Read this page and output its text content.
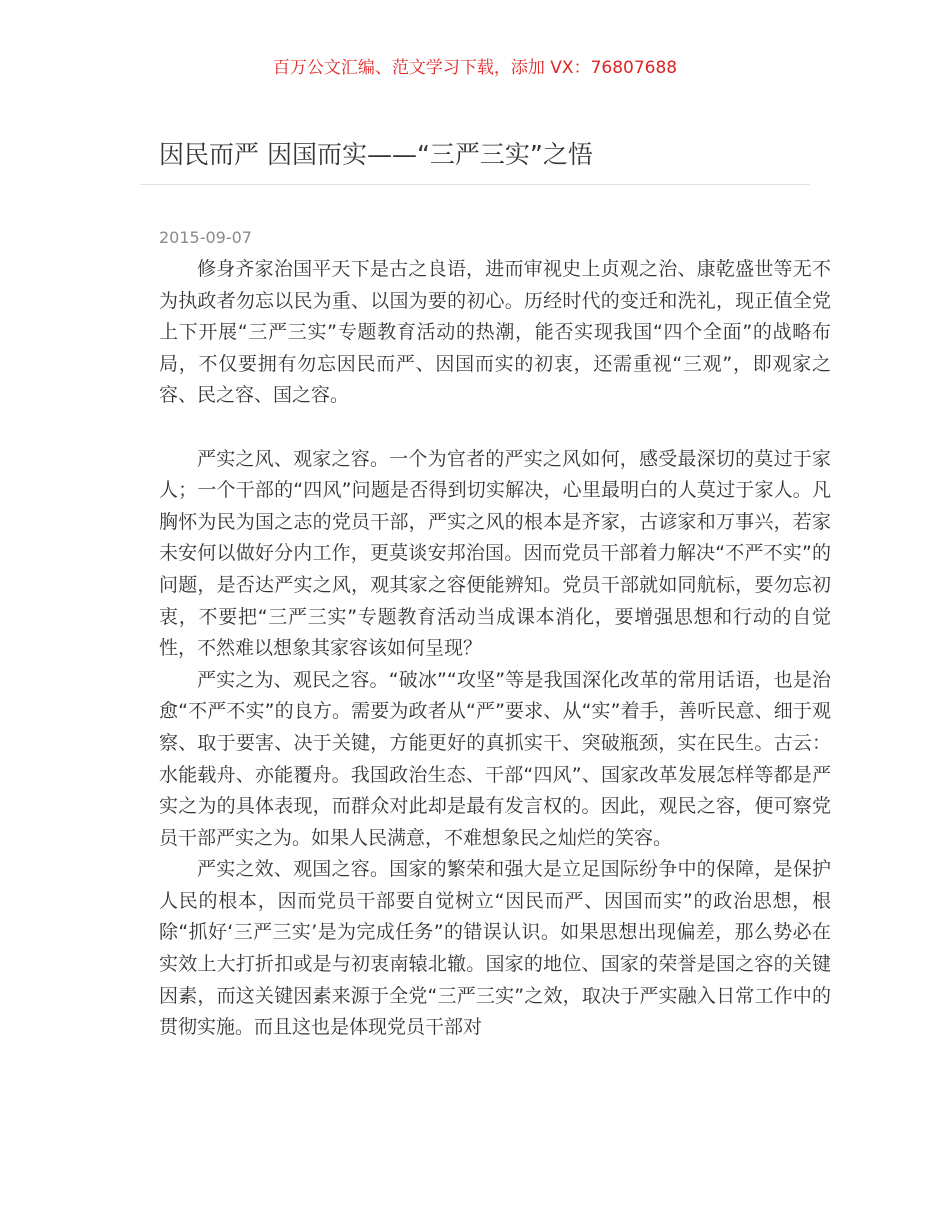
百万公文汇编、范文学习下载，添加 VX：76807688
因民而严 因国而实——“三严三实”之悟
2015-09-07

修身齐家治国平天下是古之良语，进而审视史上贞观之治、康乾盛世等无不为执政者勿忘以民为重、以国为要的初心。历经时代的变迁和洗礼，现正值全党上下开展“三严三实”专题教育活动的热潮，能否实现我国“四个全面”的战略布局，不仅要拥有勿忘因民而严、因国而实的初衷，还需重视“三观”，即观家之容、民之容、国之容。

严实之风、观家之容。一个为官者的严实之风如何，感受最深切的莫过于家人；一个干部的“四风”问题是否得到切实解决，心里最明白的人莫过于家人。凡胸怀为民为国之志的党员干部，严实之风的根本是齐家，古谚家和万事兴，若家未安何以做好分内工作，更莫谈安邦治国。因而党员干部着力解决“不严不实”的问题，是否达严实之风，观其家之容便能辨知。党员干部就如同航标，要勿忘初衷，不要把“三严三实”专题教育活动当成课本消化，要增强思想和行动的自觉性，不然难以想象其家容该如何呈现？

严实之为、观民之容。“破冰”“攻坚”等是我国深化改革的常用话语，也是治愈“不严不实”的良方。需要为政者从“严”要求、从“实”着手，善听民意、细于观察、取于要害、决于关键，方能更好的真抓实干、突破瓶颈，实在民生。古云：水能载舟、亦能覆舟。我国政治生态、干部“四风”、国家改革发展怎样等都是严实之为的具体表现，而群众对此却是最有发言权的。因此，观民之容，便可察党员干部严实之为。如果人民满意，不难想象民之灿烂的笑容。

严实之效、观国之容。国家的繁荣和强大是立足国际纷争中的保障，是保护人民的根本，因而党员干部要自觉树立“因民而严、因国而实”的政治思想，根除“抓好‘三严三实’是为完成任务”的错误认识。如果思想出现偏差，那么势必在实效上大打折扣或是与初衷南辕北辙。国家的地位、国家的荣誉是国之容的关键因素，而这关键因素来源于全党“三严三实”之效，取决于严实融入日常工作中的贯彻实施。而且这也是体现党员干部对
